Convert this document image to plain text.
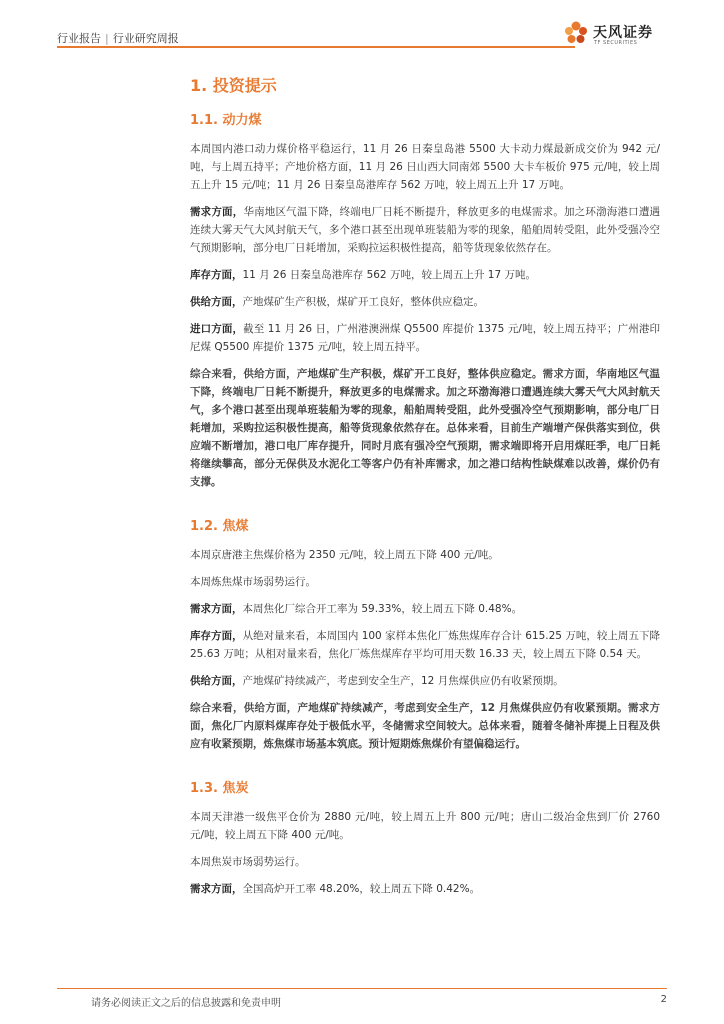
行业报告 | 行业研究周报	天风证券
TF SECURITIES
1. 投资提示
1.1. 动力煤

本周国内港口动力煤价格平稳运行，11 月 26 日秦皇岛港 5500 大卡动力煤最新成交价为 942 元/吨，与上周五持平；产地价格方面，11 月 26 日山西大同南郊 5500 大卡车板价 975 元/吨，较上周五上升 15 元/吨；11 月 26 日秦皇岛港库存 562 万吨，较上周五上升 17 万吨。

需求方面，华南地区气温下降，终端电厂日耗不断提升，释放更多的电煤需求。加之环渤海港口遭遇连续大雾天气大风封航天气，多个港口甚至出现单班装船为零的现象，船舶周转受阻，此外受强冷空气预期影响，部分电厂日耗增加，采购拉运积极性提高，船等货现象依然存在。

库存方面，11 月 26 日秦皇岛港库存 562 万吨，较上周五上升 17 万吨。

供给方面，产地煤矿生产积极，煤矿开工良好，整体供应稳定。

进口方面，截至 11 月 26 日，广州港澳洲煤 Q5500 库提价 1375 元/吨，较上周五持平；广州港印尼煤 Q5500 库提价 1375 元/吨，较上周五持平。

综合来看，供给方面，产地煤矿生产积极，煤矿开工良好，整体供应稳定。需求方面，华南地区气温下降，终端电厂日耗不断提升，释放更多的电煤需求。加之环渤海港口遭遇连续大雾天气大风封航天气，多个港口甚至出现单班装船为零的现象，船舶周转受阻，此外受强冷空气预期影响，部分电厂日耗增加，采购拉运积极性提高，船等货现象依然存在。总体来看，目前生产端增产保供落实到位，供应端不断增加，港口电厂库存提升，同时月底有强冷空气预期，需求端即将开启用煤旺季，电厂日耗将继续攀高，部分无保供及水泥化工等客户仍有补库需求，加之港口结构性缺煤难以改善，煤价仍有支撑。

1.2. 焦煤

本周京唐港主焦煤价格为 2350 元/吨，较上周五下降 400 元/吨。

本周炼焦煤市场弱势运行。

需求方面，本周焦化厂综合开工率为 59.33%，较上周五下降 0.48%。

库存方面，从绝对量来看，本周国内 100 家样本焦化厂炼焦煤库存合计 615.25 万吨，较上周五下降 25.63 万吨；从相对量来看，焦化厂炼焦煤库存平均可用天数 16.33 天，较上周五下降 0.54 天。

供给方面，产地煤矿持续减产，考虑到安全生产，12 月焦煤供应仍有收紧预期。

综合来看，供给方面，产地煤矿持续减产，考虑到安全生产，12 月焦煤供应仍有收紧预期。需求方面，焦化厂内原料煤库存处于极低水平，冬储需求空间较大。总体来看，随着冬储补库提上日程及供应有收紧预期，炼焦煤市场基本筑底。预计短期炼焦煤价有望偏稳运行。

1.3. 焦炭

本周天津港一级焦平仓价为 2880 元/吨，较上周五上升 800 元/吨；唐山二级冶金焦到厂价 2760 元/吨，较上周五下降 400 元/吨。

本周焦炭市场弱势运行。

需求方面，全国高炉开工率 48.20%，较上周五下降 0.42%。

请务必阅读正文之后的信息披露和免责申明	2
